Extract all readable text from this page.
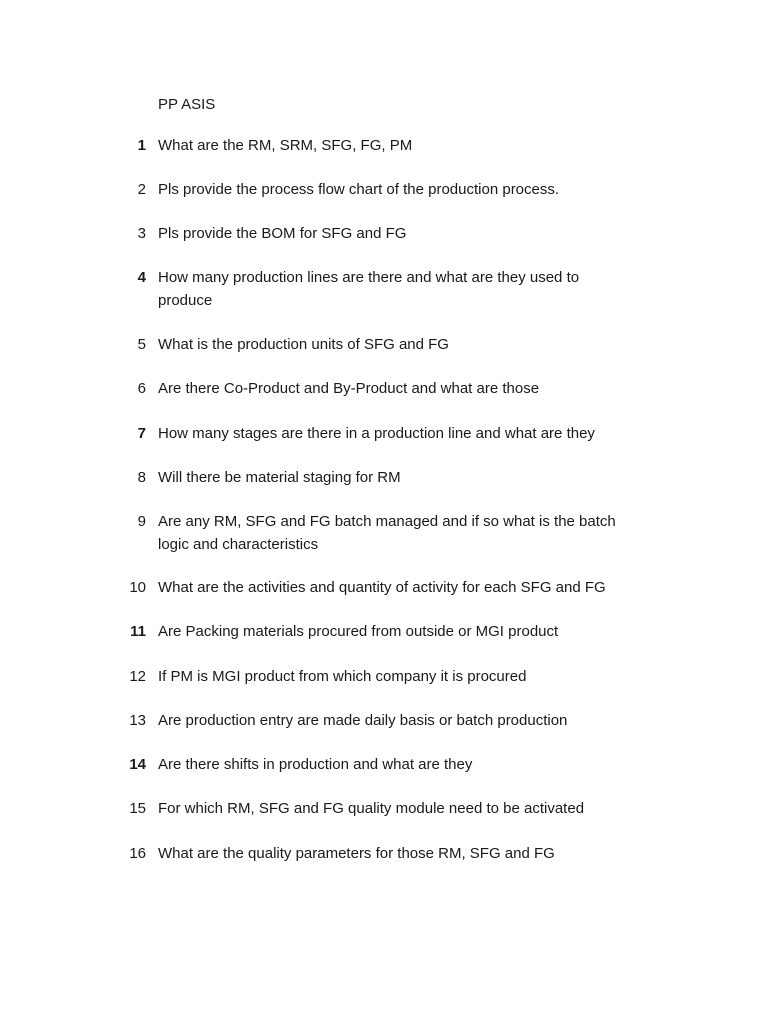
PP ASIS
1 What are the RM, SRM, SFG, FG, PM
2 Pls provide the process flow chart of the production process.
3 Pls provide the BOM for SFG and FG
4 How many production lines are there and what are they used to produce
5 What is the production units of SFG and FG
6 Are there Co-Product and By-Product and what are those
7 How many stages are there in a production line and what are they
8 Will there be material staging for RM
9 Are any RM, SFG and FG batch managed and if so what is the batch logic and characteristics
10 What are the activities and quantity of activity for each SFG and FG
11 Are Packing materials procured from outside or MGI product
12 If PM is MGI product from which company it is procured
13 Are production entry are made daily basis or batch production
14 Are there shifts in production and what are they
15 For which RM, SFG and FG quality module need to be activated
16 What are the quality parameters for those RM, SFG and FG
